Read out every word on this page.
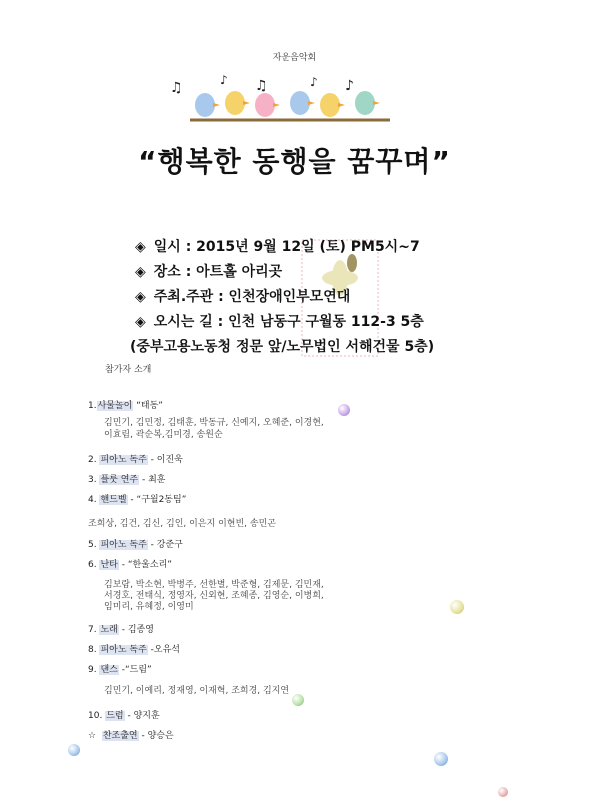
자운음악회
♫	♪ ♫	♪ ♪
“행복한 동행을 꿈꾸며”
◈ 일시 : 2015년 9월 12일 (토) PM5시~7
◈ 장소 : 아트홀 아리곳
◈ 주최.주관 : 인천장애인부모연대
◈ 오시는 길 : 인천 남동구 구월동 112-3 5층
(중부고용노동청 정문 앞/노무법인 서해건물 5층)
참가자 소개
1.사물놀이 “태동”
김민기, 김민정, 김태훈, 박동규, 신예지, 오혜준, 이경현,
이효림, 곽순복,김미경, 송원순
2. 피아노 독주 - 이진욱
3. 플룻 연주 - 최훈
4. 핸드벨 - “구월2동팀”
조희상, 김건, 김신, 김인, 이은지 이현빈, 송민곤
5. 피아노 독주 - 강준구
6. 난타 - “한울소리”
김보람, 박소현, 박병주, 선한별, 박준형, 김제문, 김민재,
서경호, 전태식, 정영자, 신외현, 조혜종, 김영순, 이병희,
임미리, 유혜정, 이영미
7. 노래 - 김종영
8. 피아노 독주 -오유석
9. 댄스 -“드림”
김민기, 이예리, 정재영, 이재혁, 조희경, 김지연
10. 드럼 - 양지훈
☆ 찬조출연 - 양승은
